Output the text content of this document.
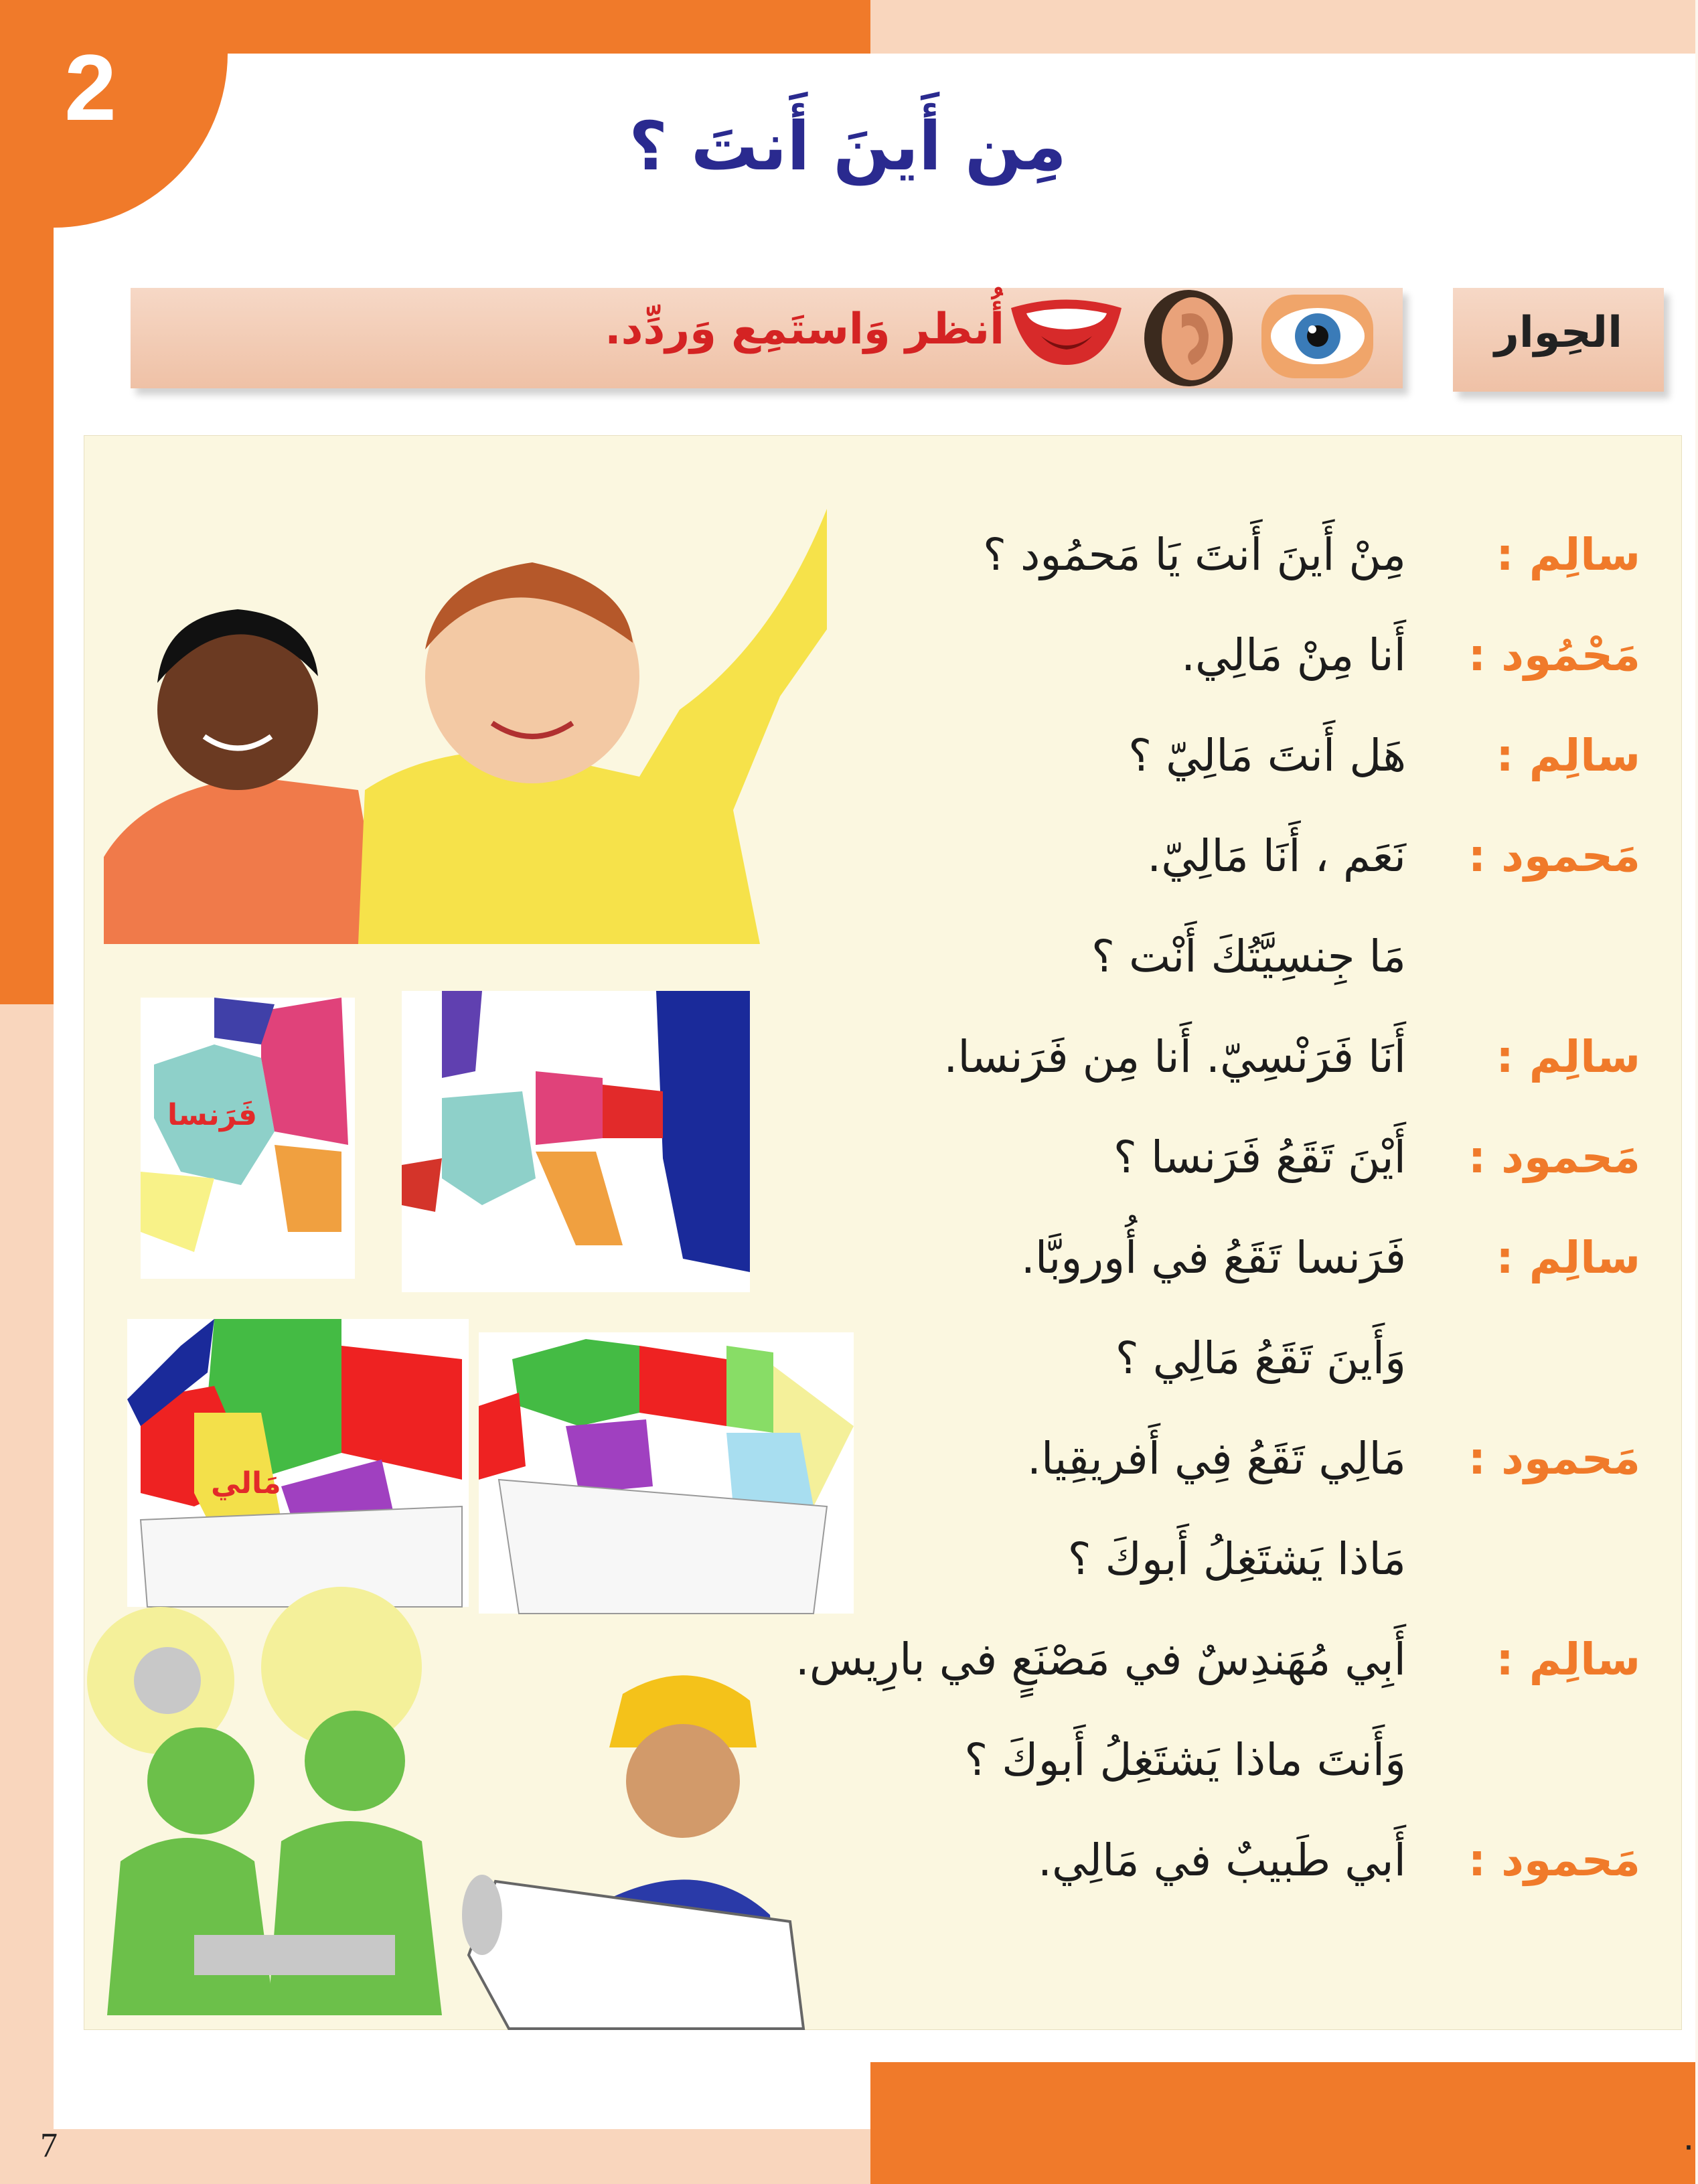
2
مِن أَينَ أَنتَ ؟
أُنظر وَاستَمِع وَردِّد.	الحِوار
فَرَنسا
مَالي
سالِم :
مِنْ أَينَ أَنتَ يَا مَحمُود ؟
مَحْمُود :
أَنا مِنْ مَالِي.
سالِم :
هَل أَنتَ مَالِيّ ؟
مَحمود :
نَعَم ، أَنَا مَالِيّ.
مَا جِنسِيَّتُكَ أَنْت ؟
سالِم :
أَنَا فَرَنْسِيّ. أَنا مِن فَرَنسا.
مَحمود :
أَيْنَ تَقَعُ فَرَنسا ؟
سالِم :
فَرَنسا تَقَعُ في أُوروبَّا.
وَأَينَ تَقَعُ مَالِي ؟
مَحمود :
مَالِي تَقَعُ فِي أَفريقِيا.
مَاذا يَشتَغِلُ أَبوكَ ؟
سالِم :
أَبِي مُهَندِسٌ في مَصْنَعٍ في بارِيس.
وَأَنتَ ماذا يَشتَغِلُ أَبوكَ ؟
مَحمود :
أَبي طَبيبٌ في مَالِي.
7	٠
